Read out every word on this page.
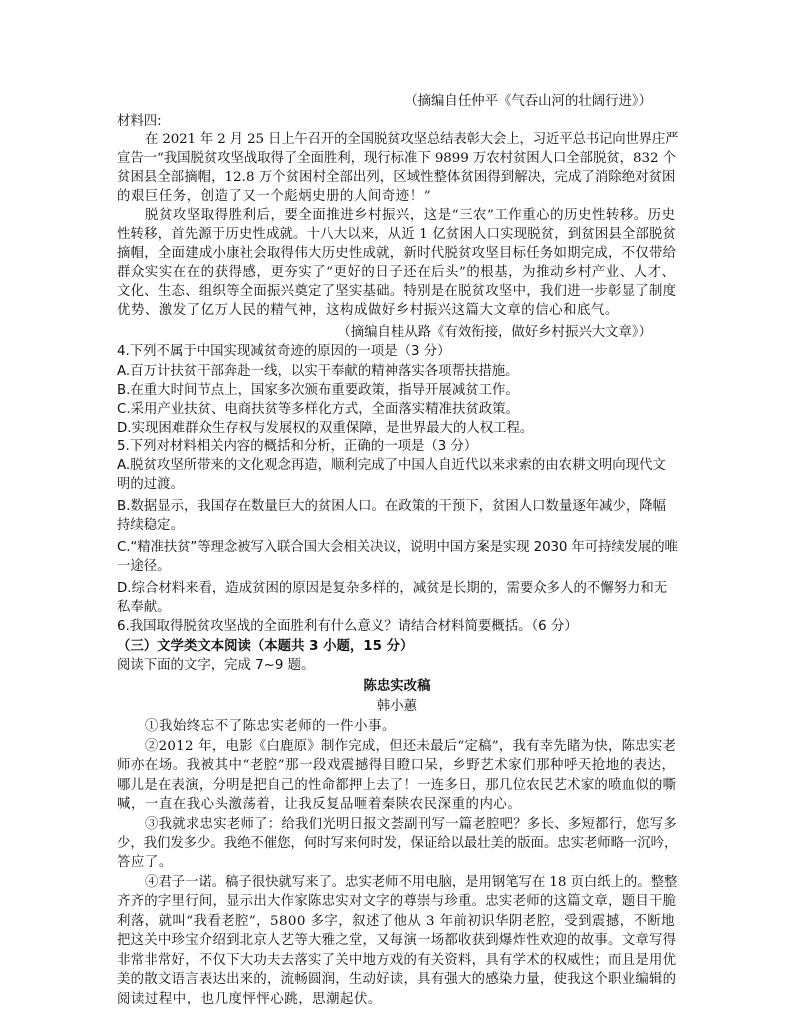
（摘编自任仲平《气吞山河的壮阔行进》）
材料四:
在 2021 年 2 月 25 日上午召开的全国脱贫攻坚总结表彰大会上，习近平总书记向世界庄严
宣告一“我国脱贫攻坚战取得了全面胜利，现行标准下 9899 万农村贫困人口全部脱贫，832 个
贫困县全部摘帽，12.8 万个贫困村全部出列，区域性整体贫困得到解决，完成了消除绝对贫困
的艰巨任务，创造了又一个彪炳史册的人间奇迹！”
脱贫攻坚取得胜利后，要全面推进乡村振兴，这是“三农”工作重心的历史性转移。历史
性转移，首先源于历史性成就。十八大以来，从近 1 亿贫困人口实现脱贫，到贫困县全部脱贫
摘帽，全面建成小康社会取得伟大历史性成就，新时代脱贫攻坚目标任务如期完成，不仅带给
群众实实在在的获得感，更夯实了“更好的日子还在后头”的根基，为推动乡村产业、人才、
文化、生态、组织等全面振兴奠定了坚实基础。特别是在脱贫攻坚中，我们进一步彰显了制度
优势、激发了亿万人民的精气神，这构成做好乡村振兴这篇大文章的信心和底气。
（摘编自桂从路《有效衔接，做好乡村振兴大文章》）
4.下列不属于中国实现减贫奇迹的原因的一项是（3 分）
A.百万计扶贫干部奔赴一线，以实干奉献的精神落实各项帮扶措施。
B.在重大时间节点上，国家多次颁布重要政策，指导开展减贫工作。
C.采用产业扶贫、电商扶贫等多样化方式，全面落实精准扶贫政策。
D.实现困难群众生存权与发展权的双重保障，是世界最大的人权工程。
5.下列对材料相关内容的概括和分析，正确的一项是（3 分）
A.脱贫攻坚所带来的文化观念再造，顺利完成了中国人自近代以来求索的由农耕文明向现代文
明的过渡。
B.数据显示，我国存在数量巨大的贫困人口。在政策的干预下，贫困人口数量逐年减少，降幅
持续稳定。
C.“精准扶贫”等理念被写入联合国大会相关决议，说明中国方案是实现 2030 年可持续发展的唯
一途径。
D.综合材料来看，造成贫困的原因是复杂多样的，减贫是长期的，需要众多人的不懈努力和无
私奉献。
6.我国取得脱贫攻坚战的全面胜利有什么意义？请结合材料简要概括。（6 分）
（三）文学类文本阅读（本题共 3 小题，15 分）
阅读下面的文字，完成 7~9 题。
陈忠实改稿
韩小蕙
①我始终忘不了陈忠实老师的一件小事。
②2012 年，电影《白鹿原》制作完成，但还未最后“定稿”，我有幸先睹为快，陈忠实老
师亦在场。我被其中“老腔”那一段戏震撼得目瞪口呆，乡野艺术家们那种呼天抢地的表达，
哪儿是在表演，分明是把自己的性命都押上去了！一连多日，那几位农民艺术家的喷血似的嘶
喊，一直在我心头激荡着，让我反复品咂着秦陕农民深重的内心。
③我就求忠实老师了：给我们光明日报文荟副刊写一篇老腔吧？多长、多短都行，您写多
少，我们发多少。我绝不催您，何时写来何时发，保证给以最壮美的版面。忠实老师略一沉吟，
答应了。
④君子一诺。稿子很快就写来了。忠实老师不用电脑，是用钢笔写在 18 页白纸上的。整整
齐齐的字里行间，显示出大作家陈忠实对文字的尊崇与珍重。忠实老师的这篇文章，题目干脆
利落，就叫“我看老腔”，5800 多字，叙述了他从 3 年前初识华阴老腔，受到震撼，不断地
把这关中珍宝介绍到北京人艺等大雅之堂，又每演一场都收获到爆炸性欢迎的故事。文章写得
非常非常好，不仅下大功夫去落实了关中地方戏的有关资料，具有学术的权威性；而且是用优
美的散文语言表达出来的，流畅圆润，生动好读，具有强大的感染力量，使我这个职业编辑的
阅读过程中，也几度怦怦心跳，思潮起伏。
